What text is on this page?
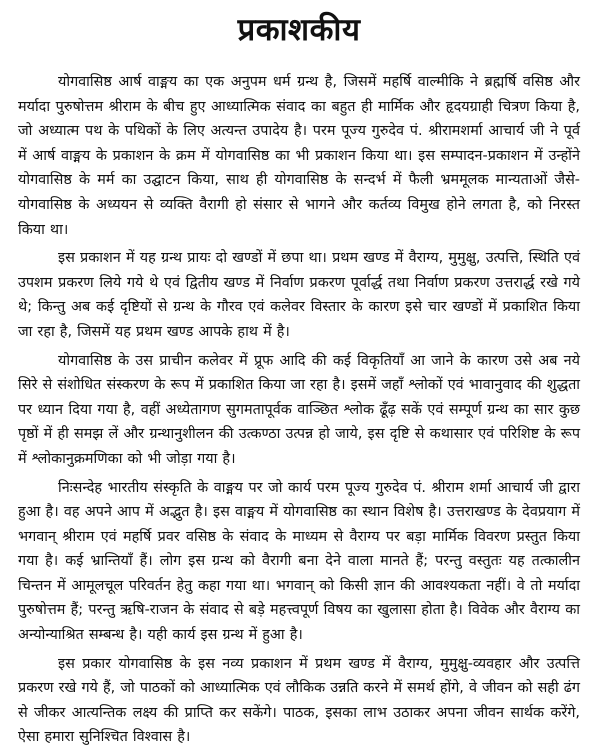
प्रकाशकीय

योगवासिष्ठ आर्ष वाङ्मय का एक अनुपम धर्म ग्रन्थ है, जिसमें महर्षि वाल्मीकि ने ब्रह्मर्षि वसिष्ठ और मर्यादा पुरुषोत्तम श्रीराम के बीच हुए आध्यात्मिक संवाद का बहुत ही मार्मिक और हृदयग्राही चित्रण किया है, जो अध्यात्म पथ के पथिकों के लिए अत्यन्त उपादेय है। परम पूज्य गुरुदेव पं. श्रीरामशर्मा आचार्य जी ने पूर्व में आर्ष वाङ्मय के प्रकाशन के क्रम में योगवासिष्ठ का भी प्रकाशन किया था। इस सम्पादन-प्रकाशन में उन्होंने योगवासिष्ठ के मर्म का उद्घाटन किया, साथ ही योगवासिष्ठ के सन्दर्भ में फैली भ्रममूलक मान्यताओं जैसे-योगवासिष्ठ के अध्ययन से व्यक्ति वैरागी हो संसार से भागने और कर्तव्य विमुख होने लगता है, को निरस्त किया था।

इस प्रकाशन में यह ग्रन्थ प्रायः दो खण्डों में छपा था। प्रथम खण्ड में वैराग्य, मुमुक्षु, उत्पत्ति, स्थिति एवं उपशम प्रकरण लिये गये थे एवं द्वितीय खण्ड में निर्वाण प्रकरण पूर्वार्द्ध तथा निर्वाण प्रकरण उत्तरार्द्ध रखे गये थे; किन्तु अब कई दृष्टियों से ग्रन्थ के गौरव एवं कलेवर विस्तार के कारण इसे चार खण्डों में प्रकाशित किया जा रहा है, जिसमें यह प्रथम खण्ड आपके हाथ में है।

योगवासिष्ठ के उस प्राचीन कलेवर में प्रूफ आदि की कई विकृतियाँ आ जाने के कारण उसे अब नये सिरे से संशोधित संस्करण के रूप में प्रकाशित किया जा रहा है। इसमें जहाँ श्लोकों एवं भावानुवाद की शुद्धता पर ध्यान दिया गया है, वहीं अध्येतागण सुगमतापूर्वक वाञ्छित श्लोक ढूँढ़ सकें एवं सम्पूर्ण ग्रन्थ का सार कुछ पृष्ठों में ही समझ लें और ग्रन्थानुशीलन की उत्कण्ठा उत्पन्न हो जाये, इस दृष्टि से कथासार एवं परिशिष्ट के रूप में श्लोकानुक्रमणिका को भी जोड़ा गया है।

निःसन्देह भारतीय संस्कृति के वाङ्मय पर जो कार्य परम पूज्य गुरुदेव पं. श्रीराम शर्मा आचार्य जी द्वारा हुआ है। वह अपने आप में अद्भुत है। इस वाङ्मय में योगवासिष्ठ का स्थान विशेष है। उत्तराखण्ड के देवप्रयाग में भगवान् श्रीराम एवं महर्षि प्रवर वसिष्ठ के संवाद के माध्यम से वैराग्य पर बड़ा मार्मिक विवरण प्रस्तुत किया गया है। कई भ्रान्तियाँ हैं। लोग इस ग्रन्थ को वैरागी बना देने वाला मानते हैं; परन्तु वस्तुतः यह तत्कालीन चिन्तन में आमूलचूल परिवर्तन हेतु कहा गया था। भगवान् को किसी ज्ञान की आवश्यकता नहीं। वे तो मर्यादा पुरुषोत्तम हैं; परन्तु ऋषि-राजन के संवाद से बड़े महत्त्वपूर्ण विषय का खुलासा होता है। विवेक और वैराग्य का अन्योन्याश्रित सम्बन्ध है। यही कार्य इस ग्रन्थ में हुआ है।

इस प्रकार योगवासिष्ठ के इस नव्य प्रकाशन में प्रथम खण्ड में वैराग्य, मुमुक्षु-व्यवहार और उत्पत्ति प्रकरण रखे गये हैं, जो पाठकों को आध्यात्मिक एवं लौकिक उन्नति करने में समर्थ होंगे, वे जीवन को सही ढंग से जीकर आत्यन्तिक लक्ष्य की प्राप्ति कर सकेंगे। पाठक, इसका लाभ उठाकर अपना जीवन सार्थक करेंगे, ऐसा हमारा सुनिश्चित विश्वास है।
